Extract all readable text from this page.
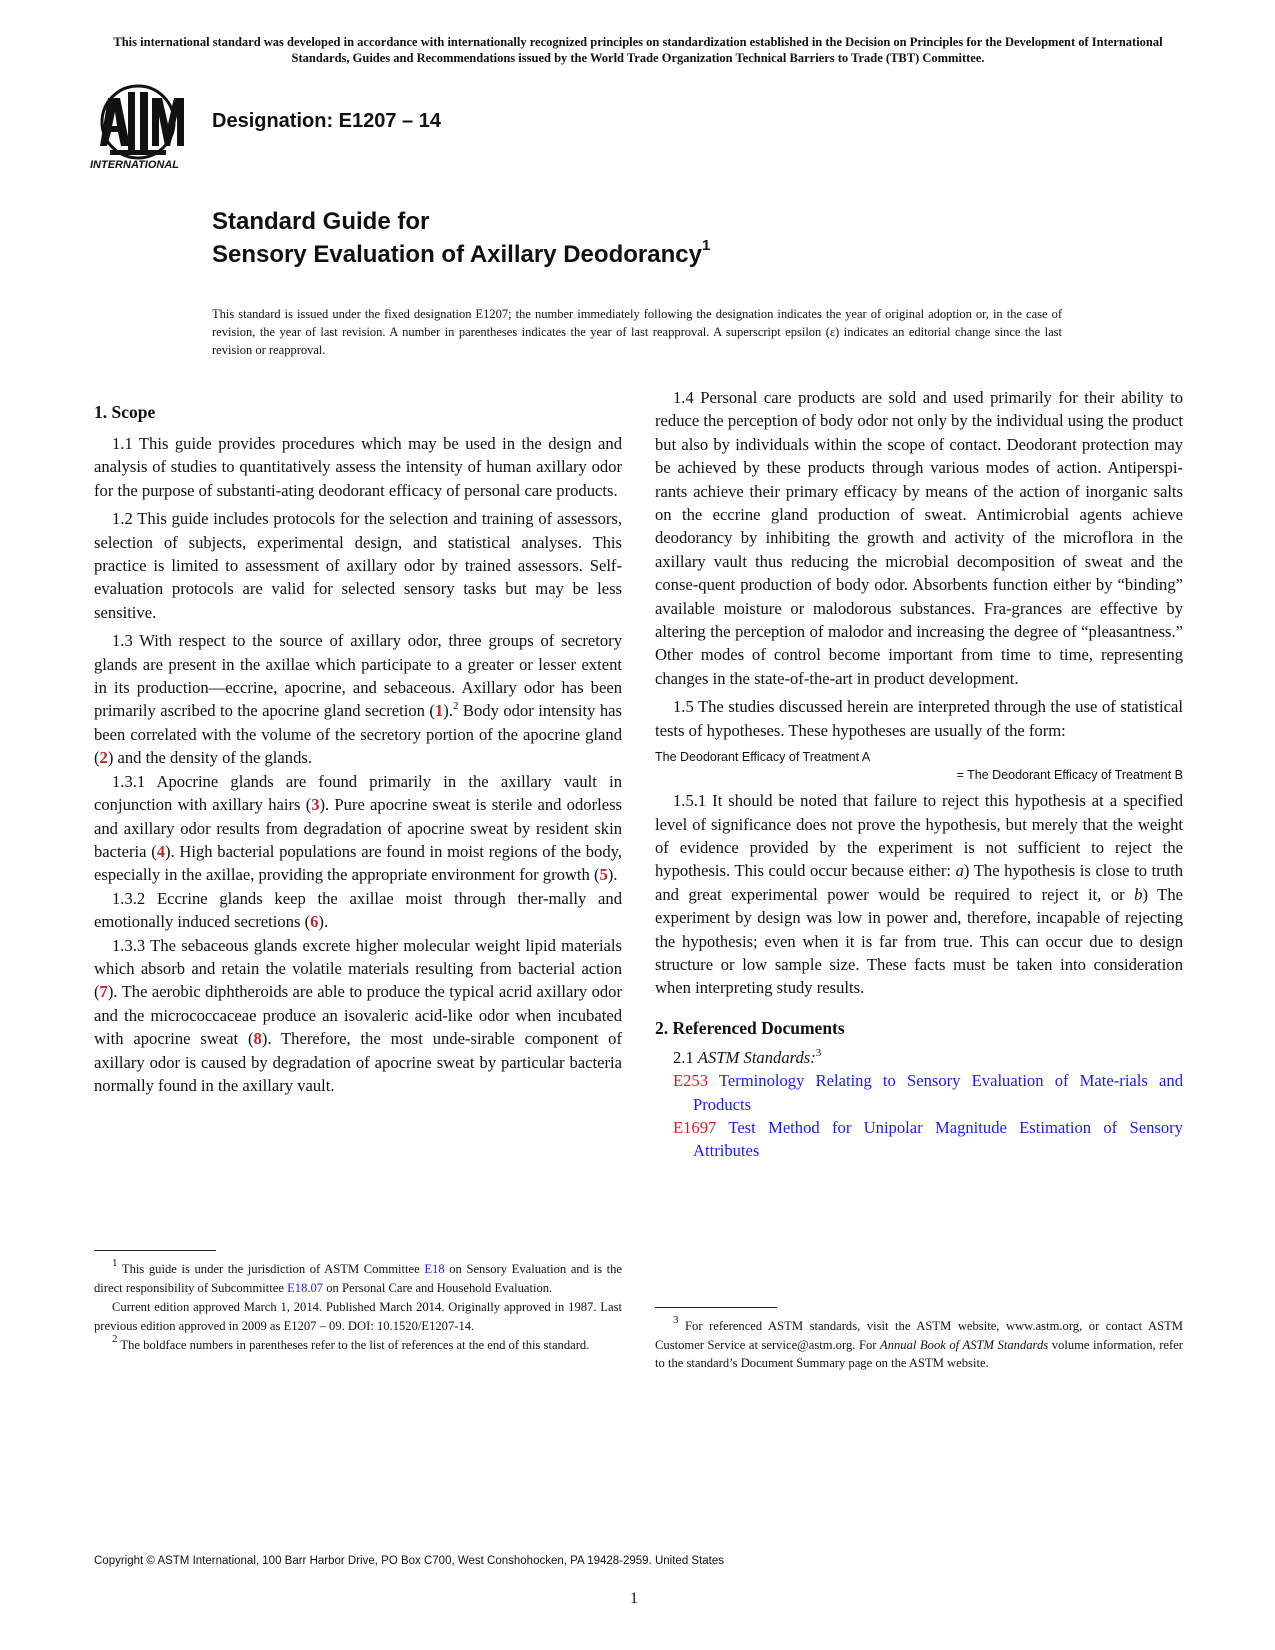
This international standard was developed in accordance with internationally recognized principles on standardization established in the Decision on Principles for the Development of International Standards, Guides and Recommendations issued by the World Trade Organization Technical Barriers to Trade (TBT) Committee.
INTERNATIONAL
Designation: E1207 – 14
Standard Guide for
Sensory Evaluation of Axillary Deodorancy$^1$
This standard is issued under the fixed designation E1207; the number immediately following the designation indicates the year of original adoption or, in the case of revision, the year of last revision. A number in parentheses indicates the year of last reapproval. A superscript epsilon (ε) indicates an editorial change since the last revision or reapproval.
1. Scope

1.1 This guide provides procedures which may be used in the design and analysis of studies to quantitatively assess the intensity of human axillary odor for the purpose of substanti-ating deodorant efficacy of personal care products.

1.2 This guide includes protocols for the selection and training of assessors, selection of subjects, experimental design, and statistical analyses. This practice is limited to assessment of axillary odor by trained assessors. Self-evaluation protocols are valid for selected sensory tasks but may be less sensitive.

1.3 With respect to the source of axillary odor, three groups of secretory glands are present in the axillae which participate to a greater or lesser extent in its production—eccrine, apocrine, and sebaceous. Axillary odor has been primarily ascribed to the apocrine gland secretion (1).$^2$ Body odor intensity has been correlated with the volume of the secretory portion of the apocrine gland (2) and the density of the glands.

1.3.1 Apocrine glands are found primarily in the axillary vault in conjunction with axillary hairs (3). Pure apocrine sweat is sterile and odorless and axillary odor results from degradation of apocrine sweat by resident skin bacteria (4). High bacterial populations are found in moist regions of the body, especially in the axillae, providing the appropriate environment for growth (5).

1.3.2 Eccrine glands keep the axillae moist through ther-mally and emotionally induced secretions (6).

1.3.3 The sebaceous glands excrete higher molecular weight lipid materials which absorb and retain the volatile materials resulting from bacterial action (7). The aerobic diphtheroids are able to produce the typical acrid axillary odor and the micrococcaceae produce an isovaleric acid-like odor when incubated with apocrine sweat (8). Therefore, the most unde-sirable component of axillary odor is caused by degradation of apocrine sweat by particular bacteria normally found in the axillary vault.

$^1$ This guide is under the jurisdiction of ASTM Committee E18 on Sensory Evaluation and is the direct responsibility of Subcommittee E18.07 on Personal Care and Household Evaluation.

Current edition approved March 1, 2014. Published March 2014. Originally approved in 1987. Last previous edition approved in 2009 as E1207 – 09. DOI: 10.1520/E1207-14.

$^2$ The boldface numbers in parentheses refer to the list of references at the end of this standard.

1.4 Personal care products are sold and used primarily for their ability to reduce the perception of body odor not only by the individual using the product but also by individuals within the scope of contact. Deodorant protection may be achieved by these products through various modes of action. Antiperspi-rants achieve their primary efficacy by means of the action of inorganic salts on the eccrine gland production of sweat. Antimicrobial agents achieve deodorancy by inhibiting the growth and activity of the microflora in the axillary vault thus reducing the microbial decomposition of sweat and the conse-quent production of body odor. Absorbents function either by “binding” available moisture or malodorous substances. Fra-grances are effective by altering the perception of malodor and increasing the degree of “pleasantness.” Other modes of control become important from time to time, representing changes in the state-of-the-art in product development.

1.5 The studies discussed herein are interpreted through the use of statistical tests of hypotheses. These hypotheses are usually of the form:

The Deodorant Efficacy of Treatment A
= The Deodorant Efficacy of Treatment B

1.5.1 It should be noted that failure to reject this hypothesis at a specified level of significance does not prove the hypothesis, but merely that the weight of evidence provided by the experiment is not sufficient to reject the hypothesis. This could occur because either: a) The hypothesis is close to truth and great experimental power would be required to reject it, or b) The experiment by design was low in power and, therefore, incapable of rejecting the hypothesis; even when it is far from true. This can occur due to design structure or low sample size. These facts must be taken into consideration when interpreting study results.

2. Referenced Documents

2.1 ASTM Standards:$^3$

E253 Terminology Relating to Sensory Evaluation of Mate-rials and Products

E1697 Test Method for Unipolar Magnitude Estimation of Sensory Attributes

$^3$ For referenced ASTM standards, visit the ASTM website, www.astm.org, or contact ASTM Customer Service at service@astm.org. For Annual Book of ASTM Standards volume information, refer to the standard’s Document Summary page on the ASTM website.

Copyright © ASTM International, 100 Barr Harbor Drive, PO Box C700, West Conshohocken, PA 19428-2959. United States
1
